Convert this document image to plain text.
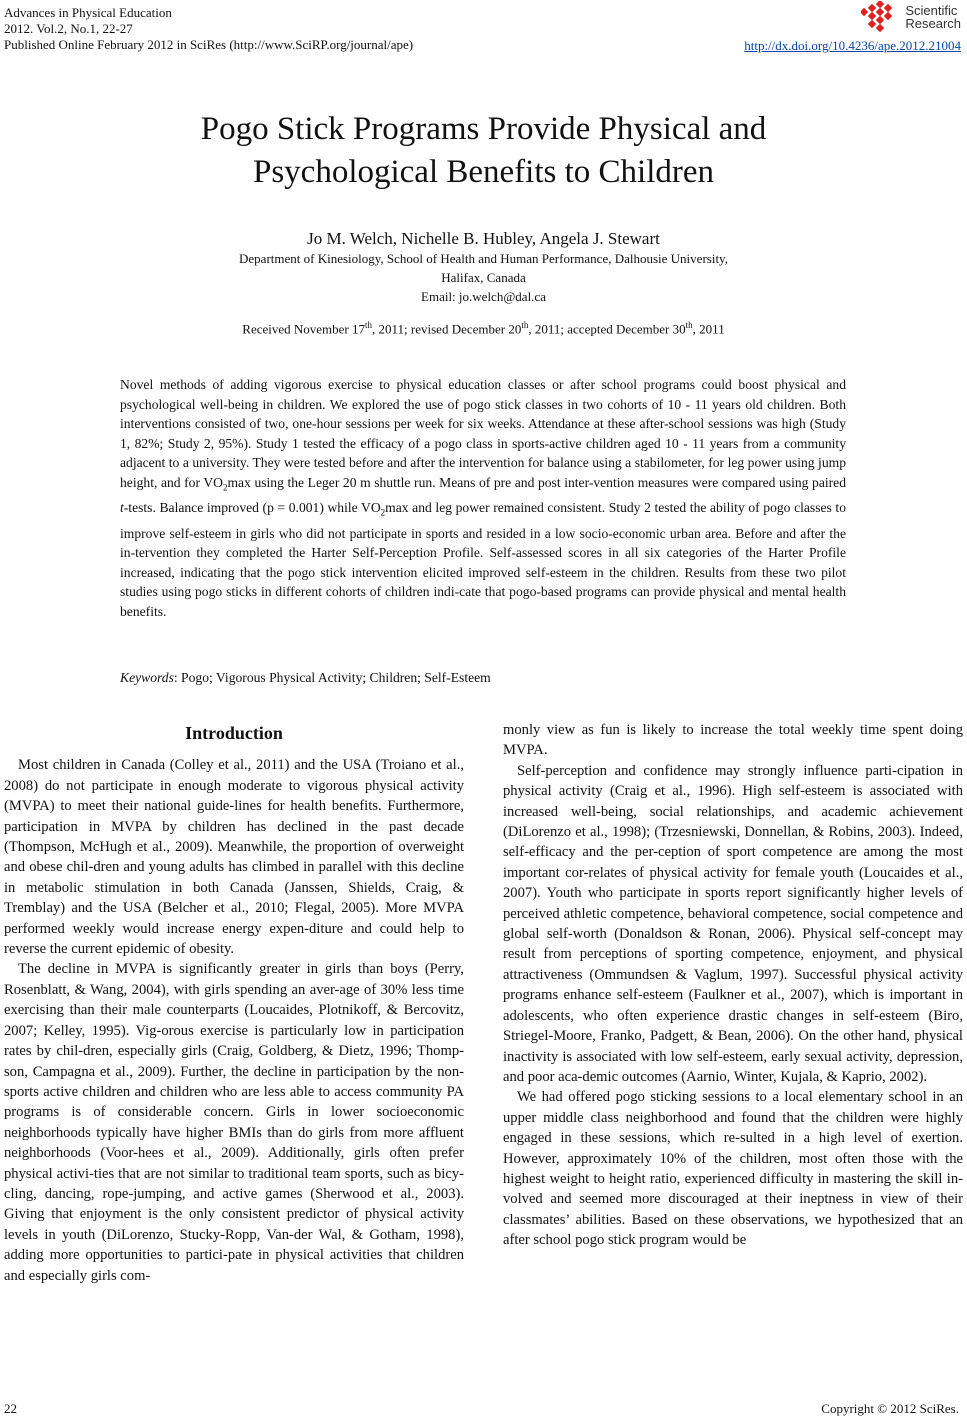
Advances in Physical Education
2012. Vol.2, No.1, 22-27
Published Online February 2012 in SciRes (http://www.SciRP.org/journal/ape)
Scientific
Research
http://dx.doi.org/10.4236/ape.2012.21004
Pogo Stick Programs Provide Physical and
Psychological Benefits to Children
Jo M. Welch, Nichelle B. Hubley, Angela J. Stewart
Department of Kinesiology, School of Health and Human Performance, Dalhousie University,
Halifax, Canada
Email: jo.welch@dal.ca
Received November 17th, 2011; revised December 20th, 2011; accepted December 30th, 2011
Novel methods of adding vigorous exercise to physical education classes or after school programs could boost physical and psychological well-being in children. We explored the use of pogo stick classes in two cohorts of 10 - 11 years old children. Both interventions consisted of two, one-hour sessions per week for six weeks. Attendance at these after-school sessions was high (Study 1, 82%; Study 2, 95%). Study 1 tested the efficacy of a pogo class in sports-active children aged 10 - 11 years from a community adjacent to a university. They were tested before and after the intervention for balance using a stabilometer, for leg power using jump height, and for $VO_2\max$ using the Leger 20 m shuttle run. Means of pre and post inter-vention measures were compared using paired t-tests. Balance improved (p = 0.001) while $VO_2\max$ and leg power remained consistent. Study 2 tested the ability of pogo classes to improve self-esteem in girls who did not participate in sports and resided in a low socio-economic urban area. Before and after the in-tervention they completed the Harter Self-Perception Profile. Self-assessed scores in all six categories of the Harter Profile increased, indicating that the pogo stick intervention elicited improved self-esteem in the children. Results from these two pilot studies using pogo sticks in different cohorts of children indi-cate that pogo-based programs can provide physical and mental health benefits.
Keywords: Pogo; Vigorous Physical Activity; Children; Self-Esteem
Introduction

Most children in Canada (Colley et al., 2011) and the USA (Troiano et al., 2008) do not participate in enough moderate to vigorous physical activity (MVPA) to meet their national guide-lines for health benefits. Furthermore, participation in MVPA by children has declined in the past decade (Thompson, McHugh et al., 2009). Meanwhile, the proportion of overweight and obese chil-dren and young adults has climbed in parallel with this decline in metabolic stimulation in both Canada (Janssen, Shields, Craig, & Tremblay) and the USA (Belcher et al., 2010; Flegal, 2005). More MVPA performed weekly would increase energy expen-diture and could help to reverse the current epidemic of obesity.

The decline in MVPA is significantly greater in girls than boys (Perry, Rosenblatt, & Wang, 2004), with girls spending an aver-age of 30% less time exercising than their male counterparts (Loucaides, Plotnikoff, & Bercovitz, 2007; Kelley, 1995). Vig-orous exercise is particularly low in participation rates by chil-dren, especially girls (Craig, Goldberg, & Dietz, 1996; Thomp-son, Campagna et al., 2009). Further, the decline in participation by the non-sports active children and children who are less able to access community PA programs is of considerable concern. Girls in lower socioeconomic neighborhoods typically have higher BMIs than do girls from more affluent neighborhoods (Voor-hees et al., 2009). Additionally, girls often prefer physical activi-ties that are not similar to traditional team sports, such as bicy-cling, dancing, rope-jumping, and active games (Sherwood et al., 2003). Giving that enjoyment is the only consistent predictor of physical activity levels in youth (DiLorenzo, Stucky-Ropp, Van-der Wal, & Gotham, 1998), adding more opportunities to partici-pate in physical activities that children and especially girls com-

monly view as fun is likely to increase the total weekly time spent doing MVPA.

Self-perception and confidence may strongly influence parti-cipation in physical activity (Craig et al., 1996). High self-esteem is associated with increased well-being, social relationships, and academic achievement (DiLorenzo et al., 1998); (Trzesniewski, Donnellan, & Robins, 2003). Indeed, self-efficacy and the per-ception of sport competence are among the most important cor-relates of physical activity for female youth (Loucaides et al., 2007). Youth who participate in sports report significantly higher levels of perceived athletic competence, behavioral competence, social competence and global self-worth (Donaldson & Ronan, 2006). Physical self-concept may result from perceptions of sporting competence, enjoyment, and physical attractiveness (Ommundsen & Vaglum, 1997). Successful physical activity programs enhance self-esteem (Faulkner et al., 2007), which is important in adolescents, who often experience drastic changes in self-esteem (Biro, Striegel-Moore, Franko, Padgett, & Bean, 2006). On the other hand, physical inactivity is associated with low self-esteem, early sexual activity, depression, and poor aca-demic outcomes (Aarnio, Winter, Kujala, & Kaprio, 2002).

We had offered pogo sticking sessions to a local elementary school in an upper middle class neighborhood and found that the children were highly engaged in these sessions, which re-sulted in a high level of exertion. However, approximately 10% of the children, most often those with the highest weight to height ratio, experienced difficulty in mastering the skill in-volved and seemed more discouraged at their ineptness in view of their classmates’ abilities. Based on these observations, we hypothesized that an after school pogo stick program would be

22	Copyright © 2012 SciRes.
